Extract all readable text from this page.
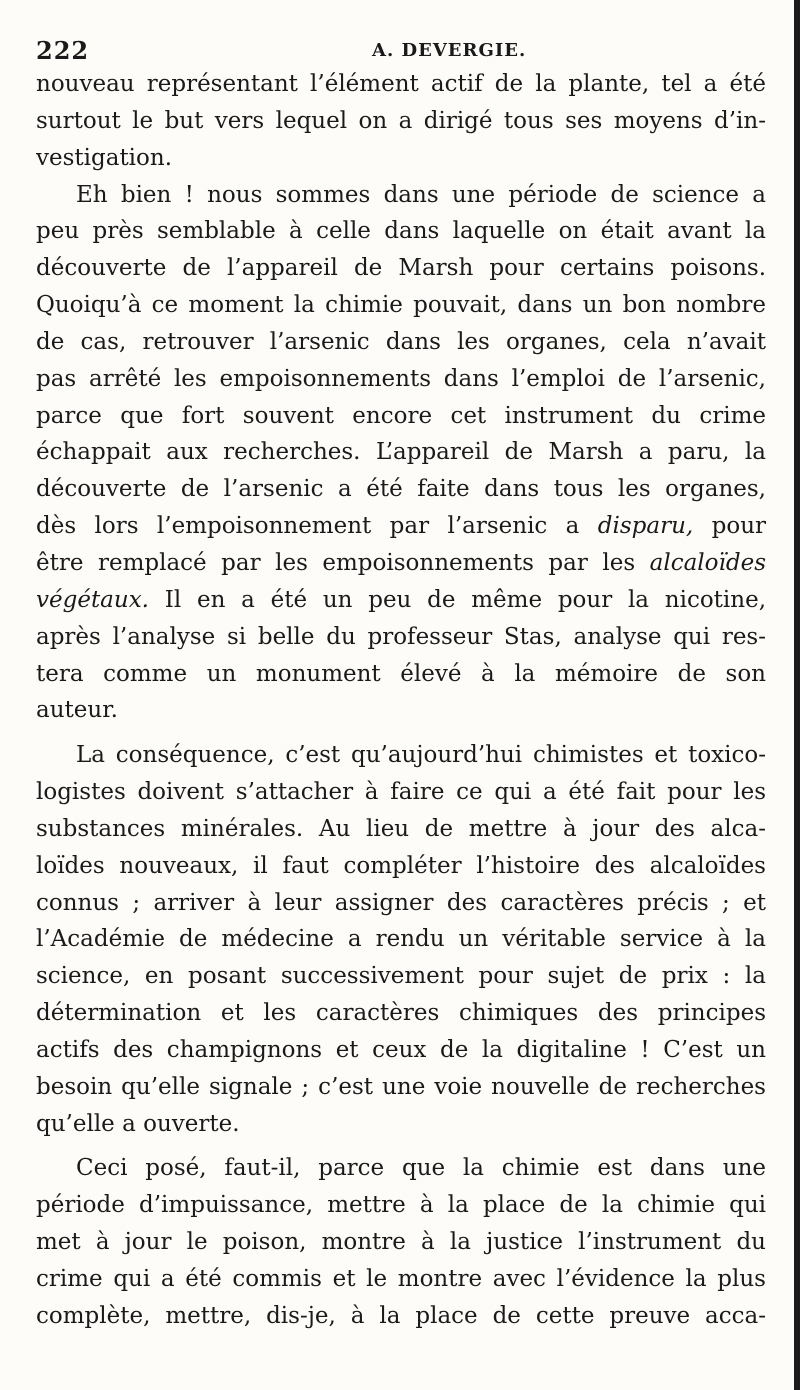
222	A. DEVERGIE.
nouveau représentant l’élément actif de la plante, tel a été
surtout le but vers lequel on a dirigé tous ses moyens d’in-
vestigation.
Eh bien ! nous sommes dans une période de science a
peu près semblable à celle dans laquelle on était avant la
découverte de l’appareil de Marsh pour certains poisons.
Quoiqu’à ce moment la chimie pouvait, dans un bon nombre
de cas, retrouver l’arsenic dans les organes, cela n’avait
pas arrêté les empoisonnements dans l’emploi de l’arsenic,
parce que fort souvent encore cet instrument du crime
échappait aux recherches. L’appareil de Marsh a paru, la
découverte de l’arsenic a été faite dans tous les organes,
dès lors l’empoisonnement par l’arsenic a disparu, pour
être remplacé par les empoisonnements par les alcaloïdes
végétaux. Il en a été un peu de même pour la nicotine,
après l’analyse si belle du professeur Stas, analyse qui res-
tera comme un monument élevé à la mémoire de son
auteur.
La conséquence, c’est qu’aujourd’hui chimistes et toxico-
logistes doivent s’attacher à faire ce qui a été fait pour les
substances minérales. Au lieu de mettre à jour des alca-
loïdes nouveaux, il faut compléter l’histoire des alcaloïdes
connus ; arriver à leur assigner des caractères précis ; et
l’Académie de médecine a rendu un véritable service à la
science, en posant successivement pour sujet de prix : la
détermination et les caractères chimiques des principes
actifs des champignons et ceux de la digitaline ! C’est un
besoin qu’elle signale ; c’est une voie nouvelle de recherches
qu’elle a ouverte.
Ceci posé, faut-il, parce que la chimie est dans une
période d’impuissance, mettre à la place de la chimie qui
met à jour le poison, montre à la justice l’instrument du
crime qui a été commis et le montre avec l’évidence la plus
complète, mettre, dis-je, à la place de cette preuve acca-
